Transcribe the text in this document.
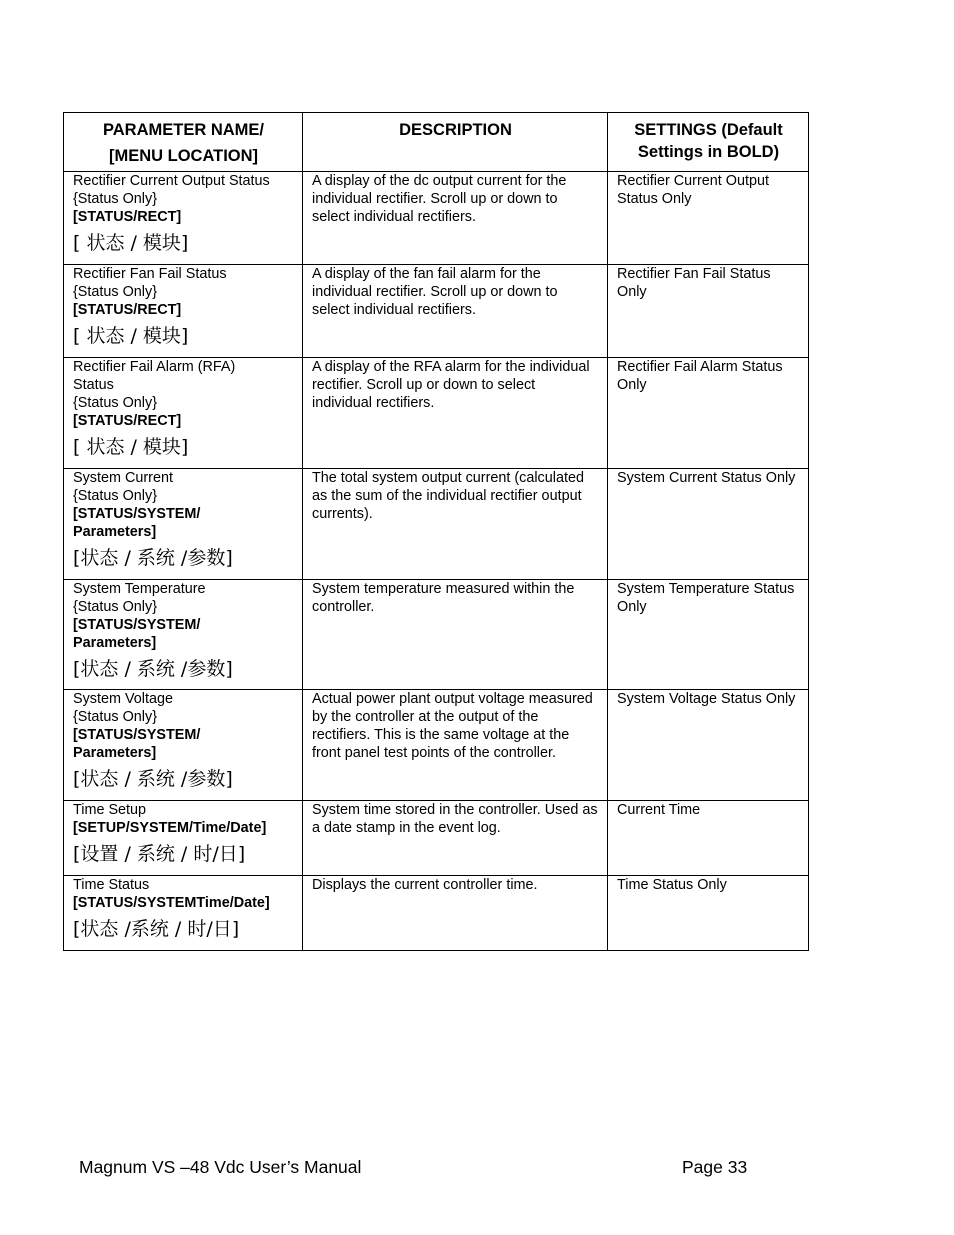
PARAMETER NAME/
[MENU LOCATION]	DESCRIPTION	SETTINGS (Default
Settings in BOLD)

Rectifier Current Output Status
{Status Only}
[STATUS/RECT]
[ 状态 / 模块]	A display of the dc output current for the individual rectifier. Scroll up or down to select individual rectifiers.	Rectifier Current Output Status Only

Rectifier Fan Fail Status
{Status Only}
[STATUS/RECT]
[ 状态 / 模块]	A display of the fan fail alarm for the individual rectifier. Scroll up or down to select individual rectifiers.	Rectifier Fan Fail Status Only

Rectifier Fail Alarm (RFA)
Status
{Status Only}
[STATUS/RECT]
[ 状态 / 模块]	A display of the RFA alarm for the individual rectifier. Scroll up or down to select individual rectifiers.	Rectifier Fail Alarm Status Only

System Current
{Status Only}
[STATUS/SYSTEM/
Parameters]
[状态 / 系统 /参数]	The total system output current (calculated as the sum of the individual rectifier output currents).	System Current Status Only

System Temperature
{Status Only}
[STATUS/SYSTEM/
Parameters]
[状态 / 系统 /参数]	System temperature measured within the controller.	System Temperature Status Only

System Voltage
{Status Only}
[STATUS/SYSTEM/
Parameters]
[状态 / 系统 /参数]	Actual power plant output voltage measured by the controller at the output of the rectifiers. This is the same voltage at the front panel test points of the controller.	System Voltage Status Only

Time Setup
[SETUP/SYSTEM/Time/Date]
[设置 / 系统 / 时/日]	System time stored in the controller. Used as a date stamp in the event log.	Current Time

Time Status
[STATUS/SYSTEMTime/Date]
[状态 /系统 / 时/日]	Displays the current controller time.	Time Status Only
Magnum VS –48 Vdc User’s Manual	Page 33
